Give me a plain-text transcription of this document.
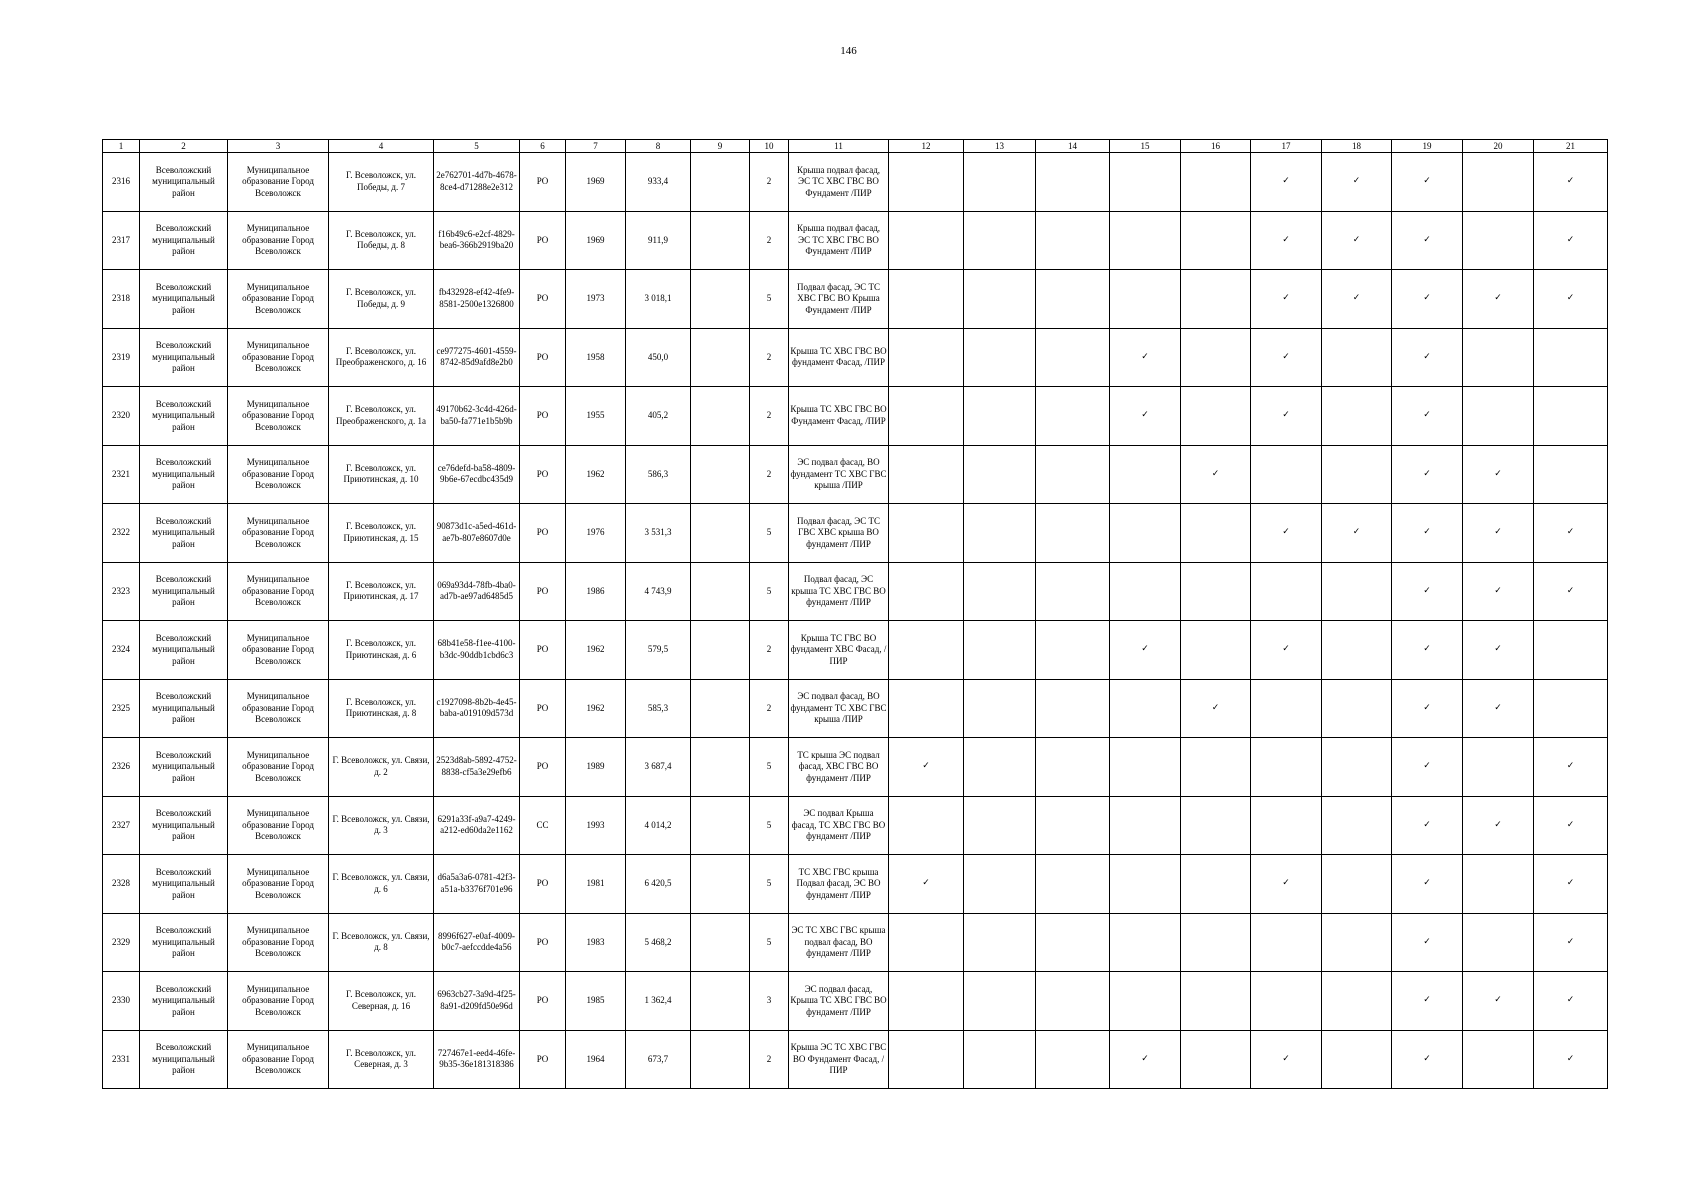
146
1	2	3	4	5	6	7	8	9	10	11	12	13	14	15	16	17	18	19	20	21
2316	Всеволожский муниципальный район	Муниципальное образование Город Всеволожск	Г. Всеволожск, ул. Победы, д. 7	2e762701-4d7b-4678-8ce4-d71288e2e312	РО	1969	933,4		2	Крыша подвал фасад, ЭС ТС ХВС ГВС ВО Фундамент /ПИР						✓	✓	✓		✓
2317	Всеволожский муниципальный район	Муниципальное образование Город Всеволожск	Г. Всеволожск, ул. Победы, д. 8	f16b49c6-e2cf-4829-bea6-366b2919ba20	РО	1969	911,9		2	Крыша подвал фасад, ЭС ТС ХВС ГВС ВО Фундамент /ПИР						✓	✓	✓		✓
2318	Всеволожский муниципальный район	Муниципальное образование Город Всеволожск	Г. Всеволожск, ул. Победы, д. 9	fb432928-ef42-4fe9-8581-2500e1326800	РО	1973	3 018,1		5	Подвал фасад, ЭС ТС ХВС ГВС ВО Крыша Фундамент /ПИР						✓	✓	✓	✓	✓
2319	Всеволожский муниципальный район	Муниципальное образование Город Всеволожск	Г. Всеволожск, ул. Преображенского, д. 16	ce977275-4601-4559-8742-85d9afd8e2b0	РО	1958	450,0		2	Крыша ТС ХВС ГВС ВО фундамент Фасад, /ПИР				✓		✓		✓		
2320	Всеволожский муниципальный район	Муниципальное образование Город Всеволожск	Г. Всеволожск, ул. Преображенского, д. 1а	49170b62-3c4d-426d-ba50-fa771e1b5b9b	РО	1955	405,2		2	Крыша ТС ХВС ГВС ВО Фундамент Фасад, /ПИР				✓		✓		✓		
2321	Всеволожский муниципальный район	Муниципальное образование Город Всеволожск	Г. Всеволожск, ул. Приютинская, д. 10	ce76defd-ba58-4809-9b6e-67ecdbc435d9	РО	1962	586,3		2	ЭС подвал фасад, ВО фундамент ТС ХВС ГВС крыша /ПИР					✓			✓	✓	
2322	Всеволожский муниципальный район	Муниципальное образование Город Всеволожск	Г. Всеволожск, ул. Приютинская, д. 15	90873d1c-a5ed-461d-ae7b-807e8607d0e	РО	1976	3 531,3		5	Подвал фасад, ЭС ТС ГВС ХВС крыша ВО фундамент /ПИР						✓	✓	✓	✓	✓
2323	Всеволожский муниципальный район	Муниципальное образование Город Всеволожск	Г. Всеволожск, ул. Приютинская, д. 17	069a93d4-78fb-4ba0-ad7b-ae97ad6485d5	РО	1986	4 743,9		5	Подвал фасад, ЭС крыша ТС ХВС ГВС ВО фундамент /ПИР								✓	✓	✓
2324	Всеволожский муниципальный район	Муниципальное образование Город Всеволожск	Г. Всеволожск, ул. Приютинская, д. 6	68b41e58-f1ee-4100-b3dc-90ddb1cbd6c3	РО	1962	579,5		2	Крыша ТС ГВС ВО фундамент ХВС Фасад, /ПИР				✓		✓		✓	✓	
2325	Всеволожский муниципальный район	Муниципальное образование Город Всеволожск	Г. Всеволожск, ул. Приютинская, д. 8	c1927098-8b2b-4e45-baba-a019109d573d	РО	1962	585,3		2	ЭС подвал фасад, ВО фундамент ТС ХВС ГВС крыша /ПИР					✓			✓	✓	
2326	Всеволожский муниципальный район	Муниципальное образование Город Всеволожск	Г. Всеволожск, ул. Связи, д. 2	2523d8ab-5892-4752-8838-cf5a3e29efb6	РО	1989	3 687,4		5	ТС крыша ЭС подвал фасад, ХВС ГВС ВО фундамент /ПИР	✓							✓		✓
2327	Всеволожский муниципальный район	Муниципальное образование Город Всеволожск	Г. Всеволожск, ул. Связи, д. 3	6291a33f-a9a7-4249-a212-ed60da2e1162	СС	1993	4 014,2		5	ЭС подвал Крыша фасад, ТС ХВС ГВС ВО фундамент /ПИР								✓	✓	✓
2328	Всеволожский муниципальный район	Муниципальное образование Город Всеволожск	Г. Всеволожск, ул. Связи, д. 6	d6a5a3a6-0781-42f3-a51a-b3376f701e96	РО	1981	6 420,5		5	ТС ХВС ГВС крыша Подвал фасад, ЭС ВО фундамент /ПИР	✓					✓		✓		✓
2329	Всеволожский муниципальный район	Муниципальное образование Город Всеволожск	Г. Всеволожск, ул. Связи, д. 8	8996f627-e0af-4009-b0c7-aefccdde4a56	РО	1983	5 468,2		5	ЭС ТС ХВС ГВС крыша подвал фасад, ВО фундамент /ПИР								✓		✓
2330	Всеволожский муниципальный район	Муниципальное образование Город Всеволожск	Г. Всеволожск, ул. Северная, д. 16	6963cb27-3a9d-4f25-8a91-d209fd50e96d	РО	1985	1 362,4		3	ЭС подвал фасад, Крыша ТС ХВС ГВС ВО фундамент /ПИР								✓	✓	✓
2331	Всеволожский муниципальный район	Муниципальное образование Город Всеволожск	Г. Всеволожск, ул. Северная, д. 3	727467e1-eed4-46fe-9b35-36e181318386	РО	1964	673,7		2	Крыша ЭС ТС ХВС ГВС ВО Фундамент Фасад, /ПИР				✓		✓		✓		✓
